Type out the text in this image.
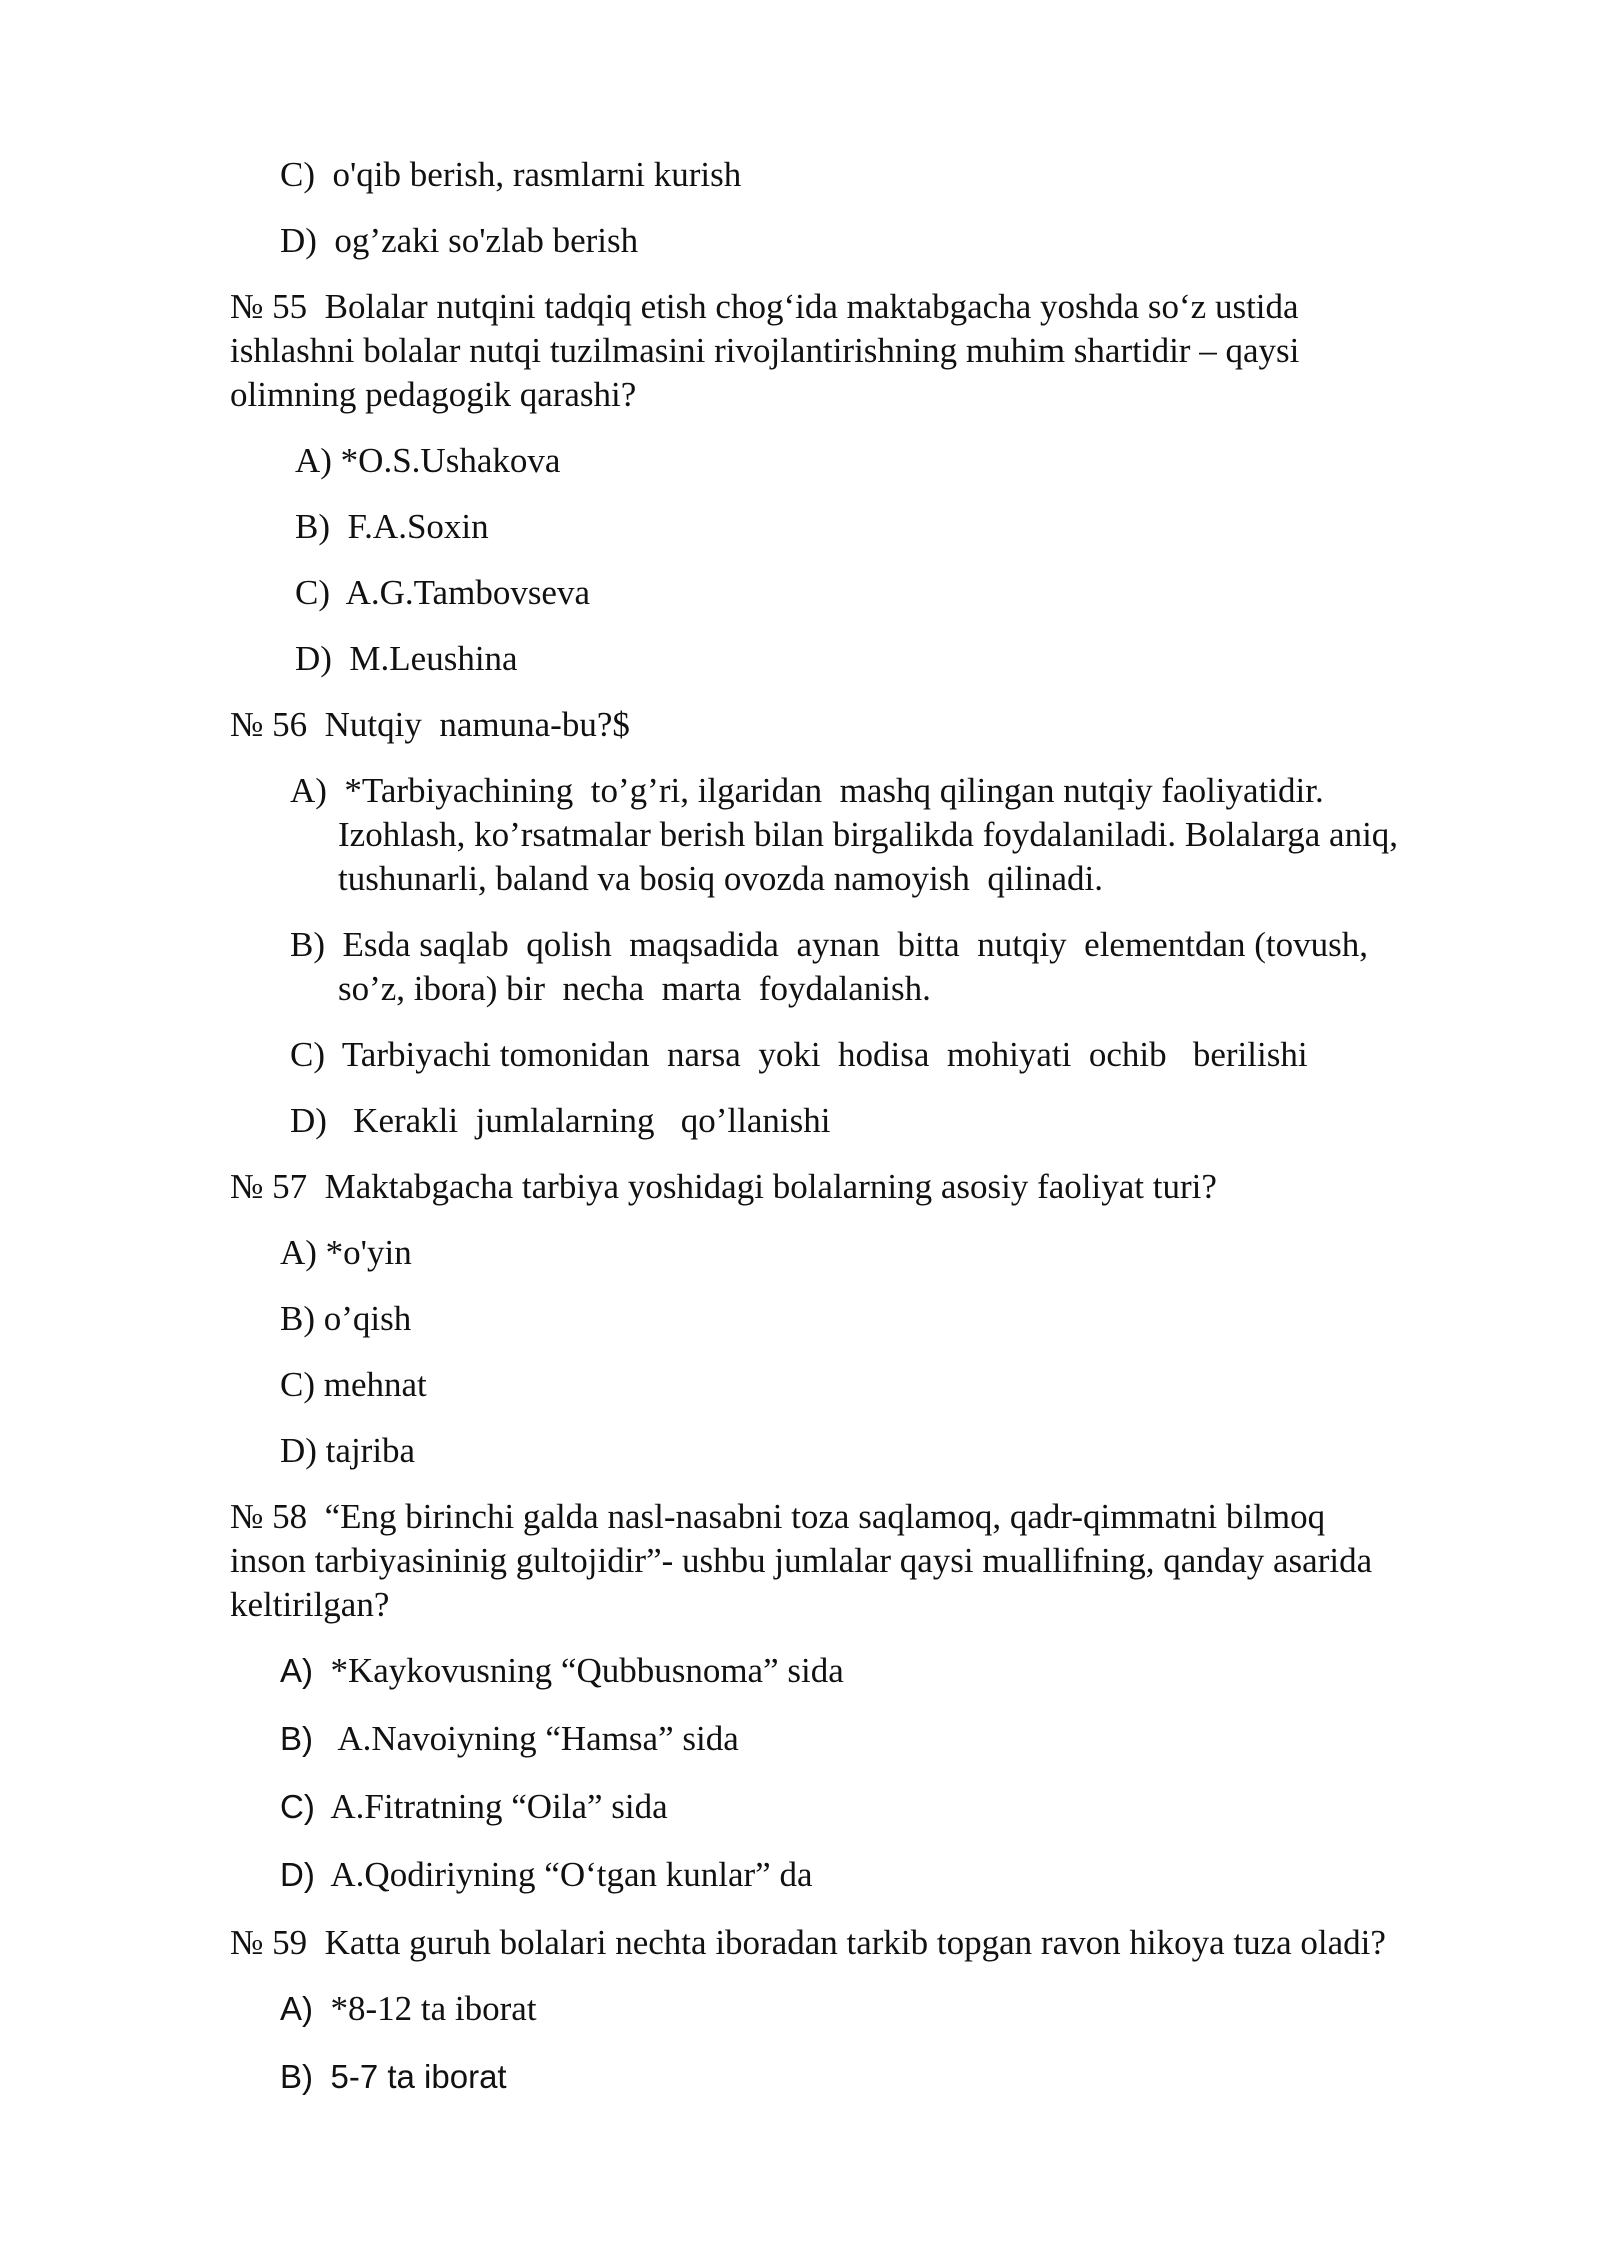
C)  o'qib berish, rasmlarni kurish
D)  og’zaki so'zlab berish
№ 55  Bolalar nutqini tadqiq etish chog‘ida maktabgacha yoshda so‘z ustida
ishlashni bolalar nutqi tuzilmasini rivojlantirishning muhim shartidir – qaysi
olimning pedagogik qarashi?
A) *O.S.Ushakova
B)  F.A.Soxin
C)  A.G.Tambovseva
D)  M.Leushina
№ 56  Nutqiy  namuna-bu?$
A)  *Tarbiyachining  to’g’ri, ilgaridan  mashq qilingan nutqiy faoliyatidir.
Izohlash, ko’rsatmalar berish bilan birgalikda foydalaniladi. Bolalarga aniq,
tushunarli, baland va bosiq ovozda namoyish  qilinadi.
B)  Esda saqlab  qolish  maqsadida  aynan  bitta  nutqiy  elementdan (tovush,
so’z, ibora) bir  necha  marta  foydalanish.
C)  Tarbiyachi tomonidan  narsa  yoki  hodisa  mohiyati  ochib   berilishi
D)   Kerakli  jumlalarning   qo’llanishi
№ 57  Maktabgacha tarbiya yoshidagi bolalarning asosiy faoliyat turi?
A) *o'yin
B) o’qish
C) mehnat
D) tajriba
№ 58  “Eng birinchi galda nasl-nasabni toza saqlamoq, qadr-qimmatni bilmoq
inson tarbiyasininig gultojidir”- ushbu jumlalar qaysi muallifning, qanday asarida
keltirilgan?
A) *Kaykovusning “Qubbusnoma” sida
B) A.Navoiyning “Hamsa” sida
C) A.Fitratning “Oila” sida
D) A.Qodiriyning “O‘tgan kunlar” da
№ 59  Katta guruh bolalari nechta iboradan tarkib topgan ravon hikoya tuza oladi?
A) *8-12 ta iborat
B) 5-7 ta iborat
